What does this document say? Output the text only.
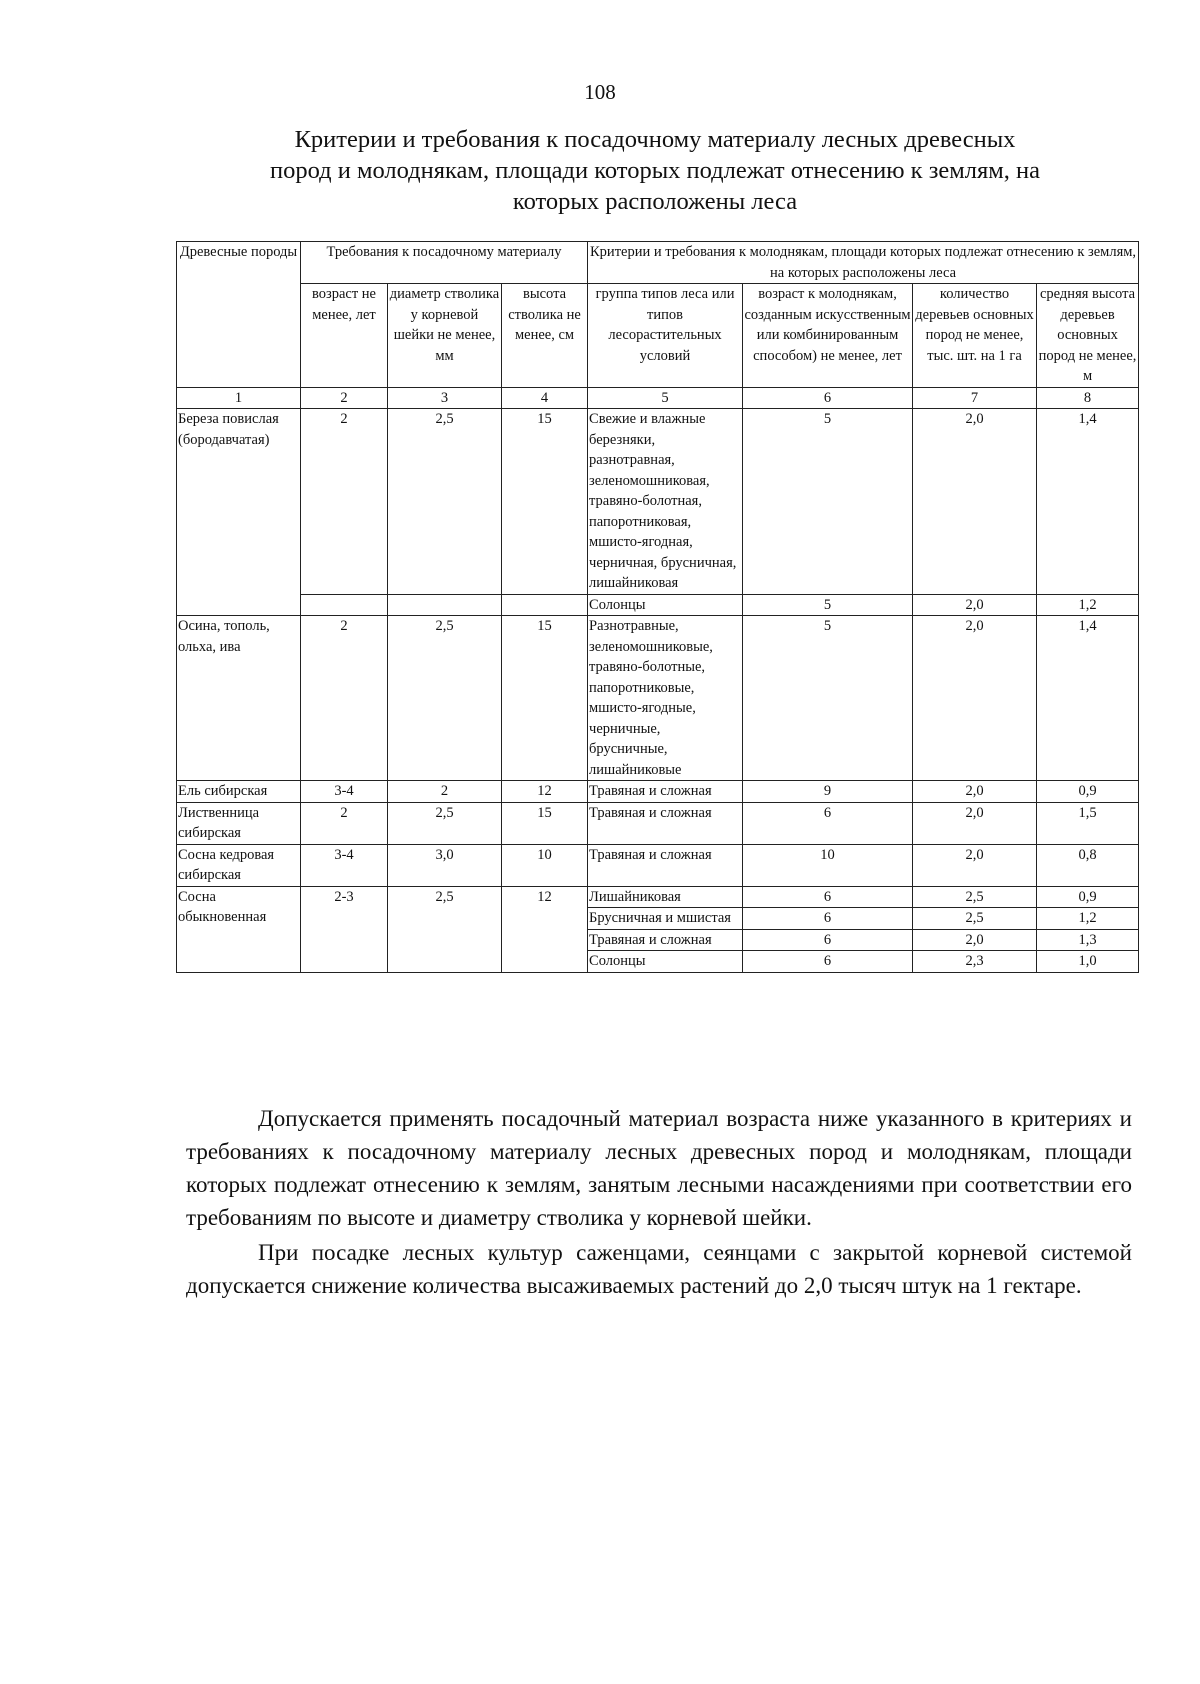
108
Критерии и требования к посадочному материалу лесных древесных
пород и молоднякам, площади которых подлежат отнесению к землям, на
которых расположены леса
Древесные породы	Требования к посадочному материалу			Критерии и требования к молоднякам, площади которых подлежат отнесению к землям, на которых расположены леса			
	возраст не менее, лет	диаметр стволика у корневой шейки не менее, мм	высота стволика не менее, см	группа типов леса или типов лесорастительных условий	возраст к молоднякам, созданным искусственным или комбинированным способом) не менее, лет	количество деревьев основных пород не менее, тыс. шт. на 1 га	средняя высота деревьев основных пород не менее, м
1	2	3	4	5	6	7	8
Береза повислая (бородавчатая)	2	2,5	15	Свежие и влажные березняки, разнотравная, зеленомошниковая, травяно-болотная, папоротниковая, мшисто-ягодная, черничная, брусничная, лишайниковая	5	2,0	1,4
				Солонцы	5	2,0	1,2
Осина, тополь, ольха, ива	2	2,5	15	Разнотравные, зеленомошниковые, травяно-болотные, папоротниковые, мшисто-ягодные, черничные, брусничные, лишайниковые	5	2,0	1,4
Ель сибирская	3-4	2	12	Травяная и сложная	9	2,0	0,9
Лиственница сибирская	2	2,5	15	Травяная и сложная	6	2,0	1,5
Сосна кедровая сибирская	3-4	3,0	10	Травяная и сложная	10	2,0	0,8
Сосна обыкновенная	2-3	2,5	12	Лишайниковая	6	2,5	0,9
				Брусничная и мшистая	6	2,5	1,2
				Травяная и сложная	6	2,0	1,3
				Солонцы	6	2,3	1,0

Допускается применять посадочный материал возраста ниже указанного в критериях и требованиях к посадочному материалу лесных древесных пород и молоднякам, площади которых подлежат отнесению к землям, занятым лесными насаждениями при соответствии его требованиям по высоте и диаметру стволика у корневой шейки.

При посадке лесных культур саженцами, сеянцами с закрытой корневой системой допускается снижение количества высаживаемых растений до 2,0 тысяч штук на 1 гектаре.
